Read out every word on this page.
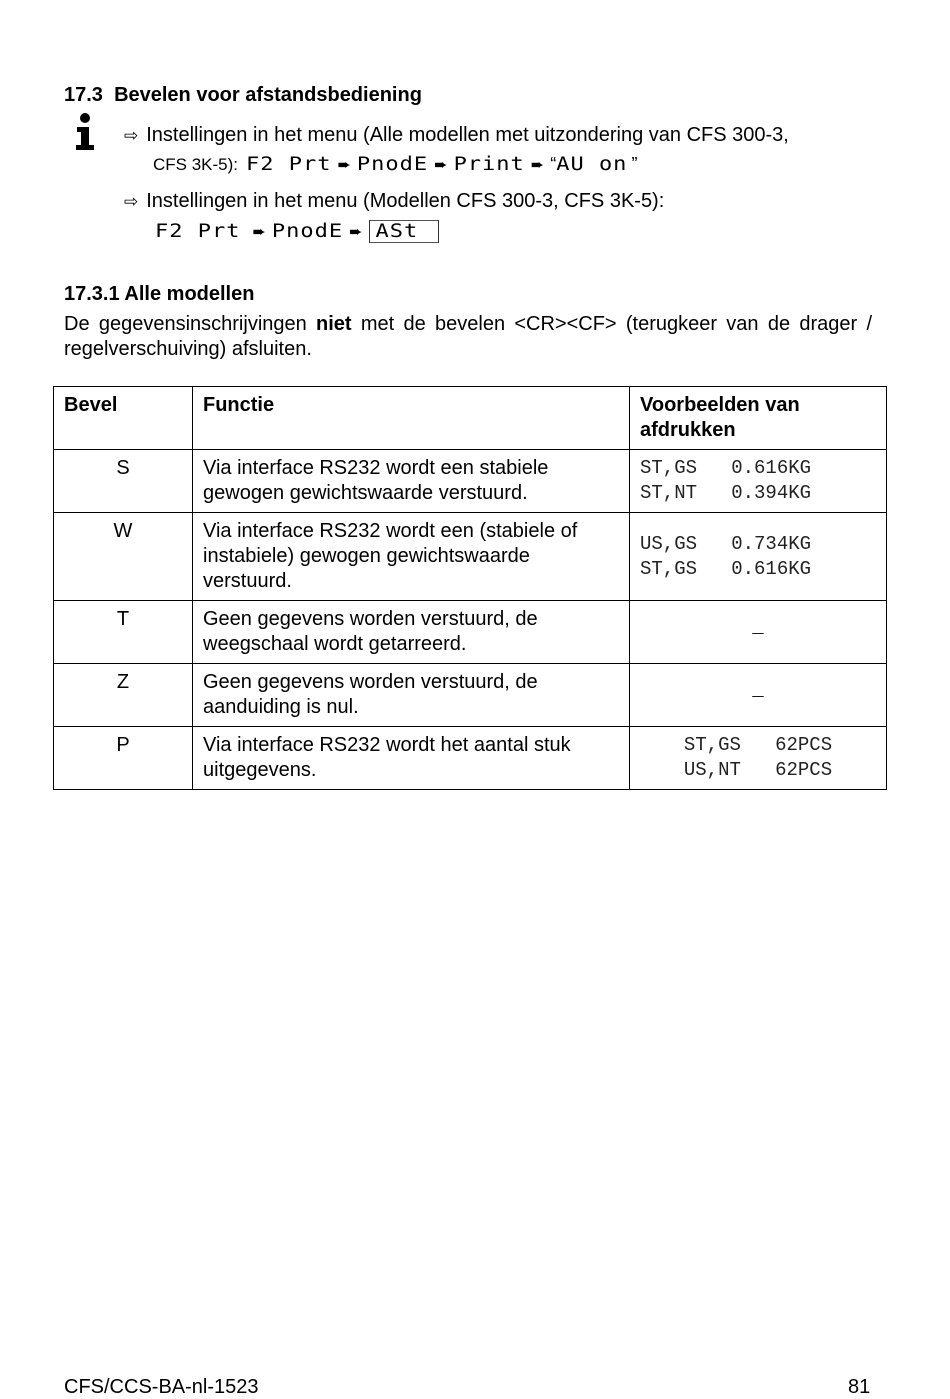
17.3 Bevelen voor afstandsbediening
⇨ Instellingen in het menu (Alle modellen met uitzondering van CFS 300-3,
CFS 3K-5): F2 Prt ➨ PnodE ➨ Print ➨ “ AU on ”
⇨ Instellingen in het menu (Modellen CFS 300-3, CFS 3K-5):
F2 Prt ➨ PnodE ➨ ASt
17.3.1 Alle modellen
De gegevensinschrijvingen niet met de bevelen <CR><CF> (terugkeer van de drager / regelverschuiving) afsluiten.
Bevel	Functie	Voorbeelden van afdrukken
S	Via interface RS232 wordt een stabiele gewogen gewichtswaarde verstuurd.	ST,GS   0.616KG
ST,NT   0.394KG

W	Via interface RS232 wordt een (stabiele of instabiele) gewogen gewichtswaarde verstuurd.	US,GS   0.734KG
ST,GS   0.616KG

T	Geen gegevens worden verstuurd, de weegschaal wordt getarreerd.	_
Z	Geen gegevens worden verstuurd, de aanduiding is nul.	_
P	Via interface RS232 wordt het aantal stuk uitgegevens.	ST,GS   62PCS
US,NT   62PCS
CFS/CCS-BA-nl-1523	81
